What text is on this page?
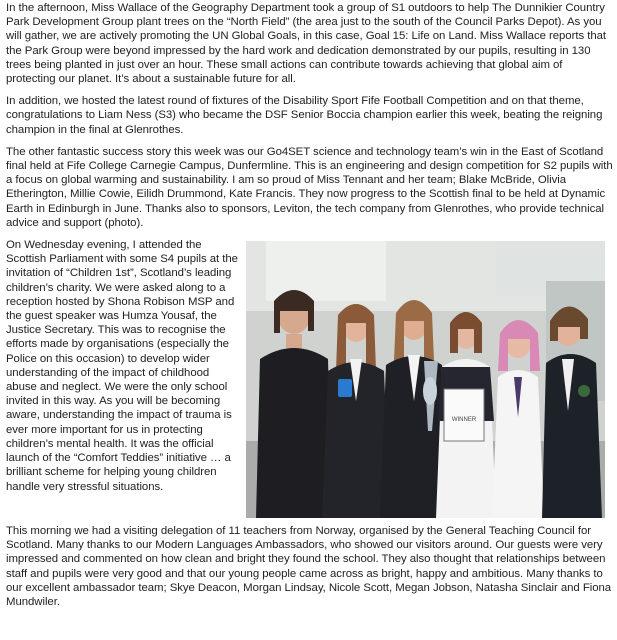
In the afternoon, Miss Wallace of the Geography Department took a group of S1 outdoors to help The Dunnikier Country Park Development Group plant trees on the “North Field” (the area just to the south of the Council Parks Depot). As you will gather, we are actively promoting the UN Global Goals, in this case, Goal 15: Life on Land. Miss Wallace reports that the Park Group were beyond impressed by the hard work and dedication demonstrated by our pupils, resulting in 130 trees being planted in just over an hour. These small actions can contribute towards achieving that global aim of protecting our planet. It’s about a sustainable future for all.

In addition, we hosted the latest round of fixtures of the Disability Sport Fife Football Competition and on that theme, congratulations to Liam Ness (S3) who became the DSF Senior Boccia champion earlier this week, beating the reigning champion in the final at Glenrothes.

The other fantastic success story this week was our Go4SET science and technology team’s win in the East of Scotland final held at Fife College Carnegie Campus, Dunfermline. This is an engineering and design competition for S2 pupils with a focus on global warming and sustainability. I am so proud of Miss Tennant and her team; Blake McBride, Olivia Etherington, Millie Cowie, Eilidh Drummond, Kate Francis. They now progress to the Scottish final to be held at Dynamic Earth in Edinburgh in June. Thanks also to sponsors, Leviton, the tech company from Glenrothes, who provide technical advice and support (photo).

On Wednesday evening, I attended the Scottish Parliament with some S4 pupils at the invitation of “Children 1st”, Scotland’s leading children’s charity. We were asked along to a reception hosted by Shona Robison MSP and the guest speaker was Humza Yousaf, the Justice Secretary. This was to recognise the efforts made by organisations (especially the Police on this occasion) to develop wider understanding of the impact of childhood abuse and neglect. We were the only school invited in this way. As you will be becoming aware, understanding the impact of trauma is ever more important for us in protecting children’s mental health. It was the official launch of the “Comfort Teddies” initiative … a brilliant scheme for helping young children handle very stressful situations.

WINNER

This morning we had a visiting delegation of 11 teachers from Norway, organised by the General Teaching Council for Scotland. Many thanks to our Modern Languages Ambassadors, who showed our visitors around. Our guests were very impressed and commented on how clean and bright they found the school. They also thought that relationships between staff and pupils were very good and that our young people came across as bright, happy and ambitious. Many thanks to our excellent ambassador team; Skye Deacon, Morgan Lindsay, Nicole Scott, Megan Jobson, Natasha Sinclair and Fiona Mundwiler.
